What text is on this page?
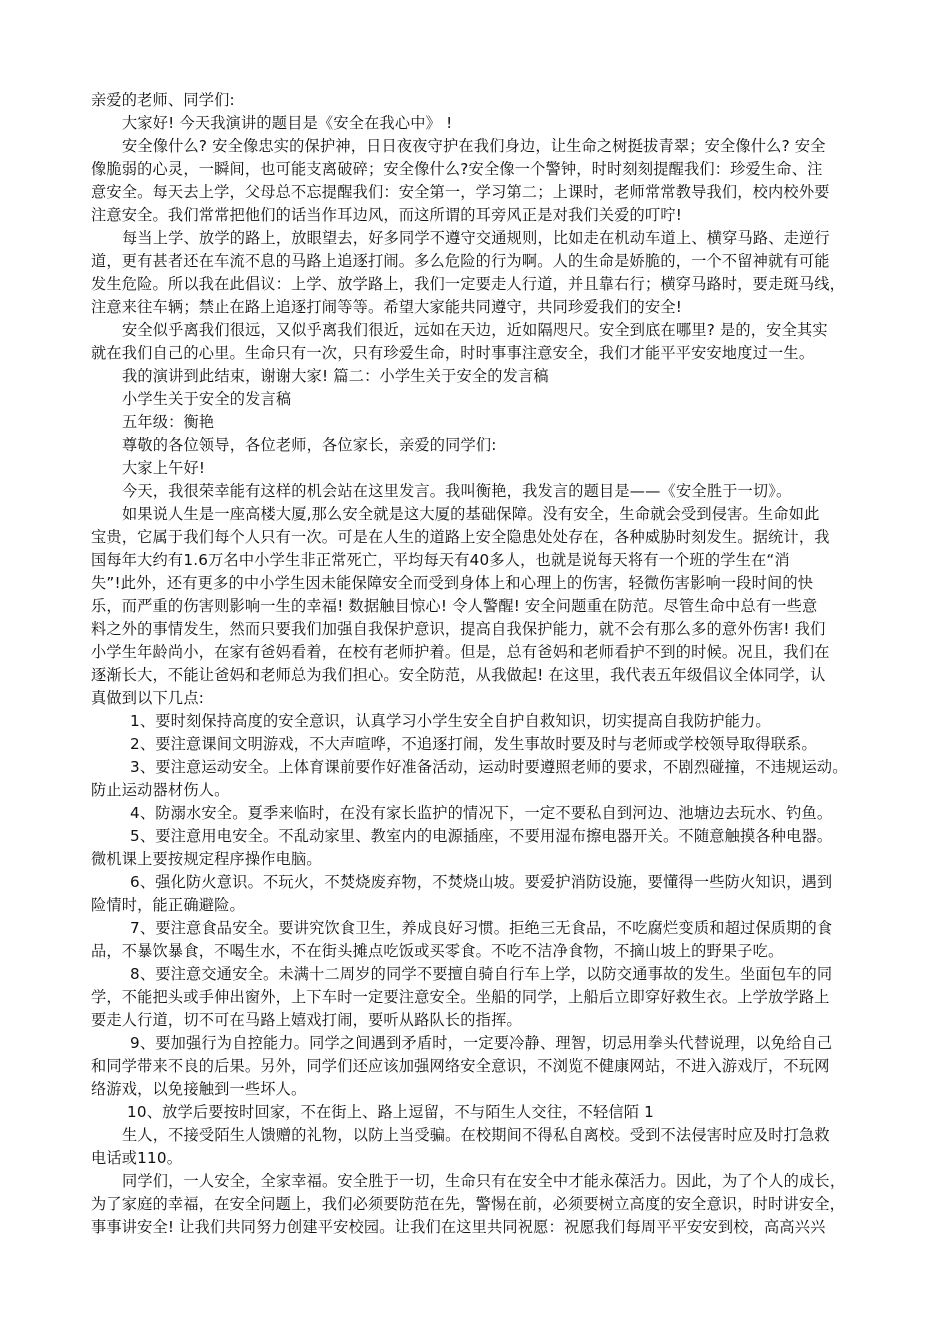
亲爱的老师、同学们:
大家好! 今天我演讲的题目是《安全在我心中》 !
安全像什么? 安全像忠实的保护神，日日夜夜守护在我们身边，让生命之树挺拔青翠；安全像什么? 安全
像脆弱的心灵，一瞬间，也可能支离破碎；安全像什么?安全像一个警钟，时时刻刻提醒我们：珍爱生命、注
意安全。每天去上学，父母总不忘提醒我们：安全第一，学习第二；上课时，老师常常教导我们，校内校外要
注意安全。我们常常把他们的话当作耳边风，而这所谓的耳旁风正是对我们关爱的叮咛!
每当上学、放学的路上，放眼望去，好多同学不遵守交通规则，比如走在机动车道上、横穿马路、走逆行
道，更有甚者还在车流不息的马路上追逐打闹。多么危险的行为啊。人的生命是娇脆的，一个不留神就有可能
发生危险。所以我在此倡议：上学、放学路上，我们一定要走人行道，并且靠右行；横穿马路时，要走斑马线，
注意来往车辆；禁止在路上追逐打闹等等。希望大家能共同遵守，共同珍爱我们的安全!
安全似乎离我们很远，又似乎离我们很近，远如在天边，近如隔咫尺。安全到底在哪里? 是的，安全其实
就在我们自己的心里。生命只有一次，只有珍爱生命，时时事事注意安全，我们才能平平安安地度过一生。
我的演讲到此结束，谢谢大家! 篇二：小学生关于安全的发言稿
小学生关于安全的发言稿
五年级：衡艳
尊敬的各位领导，各位老师，各位家长，亲爱的同学们:
大家上午好!
今天，我很荣幸能有这样的机会站在这里发言。我叫衡艳，我发言的题目是——《安全胜于一切》。
如果说人生是一座高楼大厦,那么安全就是这大厦的基础保障。没有安全，生命就会受到侵害。生命如此
宝贵，它属于我们每个人只有一次。可是在人生的道路上安全隐患处处存在，各种威胁时刻发生。据统计，我
国每年大约有1.6万名中小学生非正常死亡，平均每天有40多人，也就是说每天将有一个班的学生在“消
失”!此外，还有更多的中小学生因未能保障安全而受到身体上和心理上的伤害，轻微伤害影响一段时间的快
乐，而严重的伤害则影响一生的幸福! 数据触目惊心! 令人警醒! 安全问题重在防范。尽管生命中总有一些意
料之外的事情发生，然而只要我们加强自我保护意识，提高自我保护能力，就不会有那么多的意外伤害! 我们
小学生年龄尚小，在家有爸妈看着，在校有老师护着。但是，总有爸妈和老师看护不到的时候。况且，我们在
逐渐长大，不能让爸妈和老师总为我们担心。安全防范，从我做起! 在这里，我代表五年级倡议全体同学，认
真做到以下几点:
1、要时刻保持高度的安全意识，认真学习小学生安全自护自救知识，切实提高自我防护能力。
2、要注意课间文明游戏，不大声喧哗，不追逐打闹，发生事故时要及时与老师或学校领导取得联系。
3、要注意运动安全。上体育课前要作好准备活动，运动时要遵照老师的要求，不剧烈碰撞，不违规运动。
防止运动器材伤人。
4、防溺水安全。夏季来临时，在没有家长监护的情况下，一定不要私自到河边、池塘边去玩水、钓鱼。
5、要注意用电安全。不乱动家里、教室内的电源插座，不要用湿布擦电器开关。不随意触摸各种电器。
微机课上要按规定程序操作电脑。
6、强化防火意识。不玩火，不焚烧废弃物，不焚烧山坡。要爱护消防设施，要懂得一些防火知识，遇到
险情时，能正确避险。
7、要注意食品安全。要讲究饮食卫生，养成良好习惯。拒绝三无食品，不吃腐烂变质和超过保质期的食
品，不暴饮暴食，不喝生水，不在街头摊点吃饭或买零食。不吃不洁净食物，不摘山坡上的野果子吃。
8、要注意交通安全。未满十二周岁的同学不要擅自骑自行车上学，以防交通事故的发生。坐面包车的同
学，不能把头或手伸出窗外，上下车时一定要注意安全。坐船的同学，上船后立即穿好救生衣。上学放学路上
要走人行道，切不可在马路上嬉戏打闹，要听从路队长的指挥。
9、要加强行为自控能力。同学之间遇到矛盾时，一定要冷静、理智，切忌用拳头代替说理，以免给自己
和同学带来不良的后果。另外，同学们还应该加强网络安全意识，不浏览不健康网站，不进入游戏厅，不玩网
络游戏，以免接触到一些坏人。
10、放学后要按时回家，不在街上、路上逗留，不与陌生人交往，不轻信陌 1
生人，不接受陌生人馈赠的礼物，以防上当受骗。在校期间不得私自离校。受到不法侵害时应及时打急救
电话或110。
同学们，一人安全，全家幸福。安全胜于一切，生命只有在安全中才能永葆活力。因此，为了个人的成长，
为了家庭的幸福，在安全问题上，我们必须要防范在先，警惕在前，必须要树立高度的安全意识，时时讲安全，
事事讲安全! 让我们共同努力创建平安校园。让我们在这里共同祝愿：祝愿我们每周平平安安到校，高高兴兴
